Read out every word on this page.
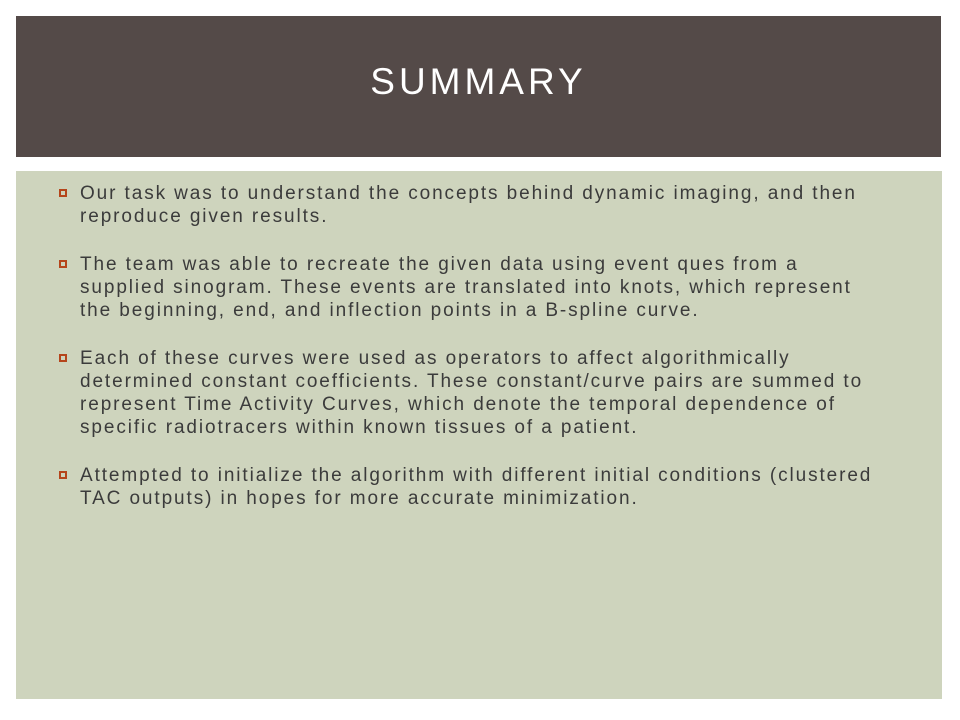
SUMMARY
Our task was to understand the concepts behind dynamic imaging, and then reproduce given results.
The team was able to recreate the given data using event ques from a supplied sinogram. These events are translated into knots, which represent the beginning, end, and inflection points in a B-spline curve.
Each of these curves were used as operators to affect algorithmically determined constant coefficients. These constant/curve pairs are summed to represent Time Activity Curves, which denote the temporal dependence of specific radiotracers within known tissues of a patient.
Attempted to initialize the algorithm with different initial conditions (clustered TAC outputs) in hopes for more accurate minimization.
